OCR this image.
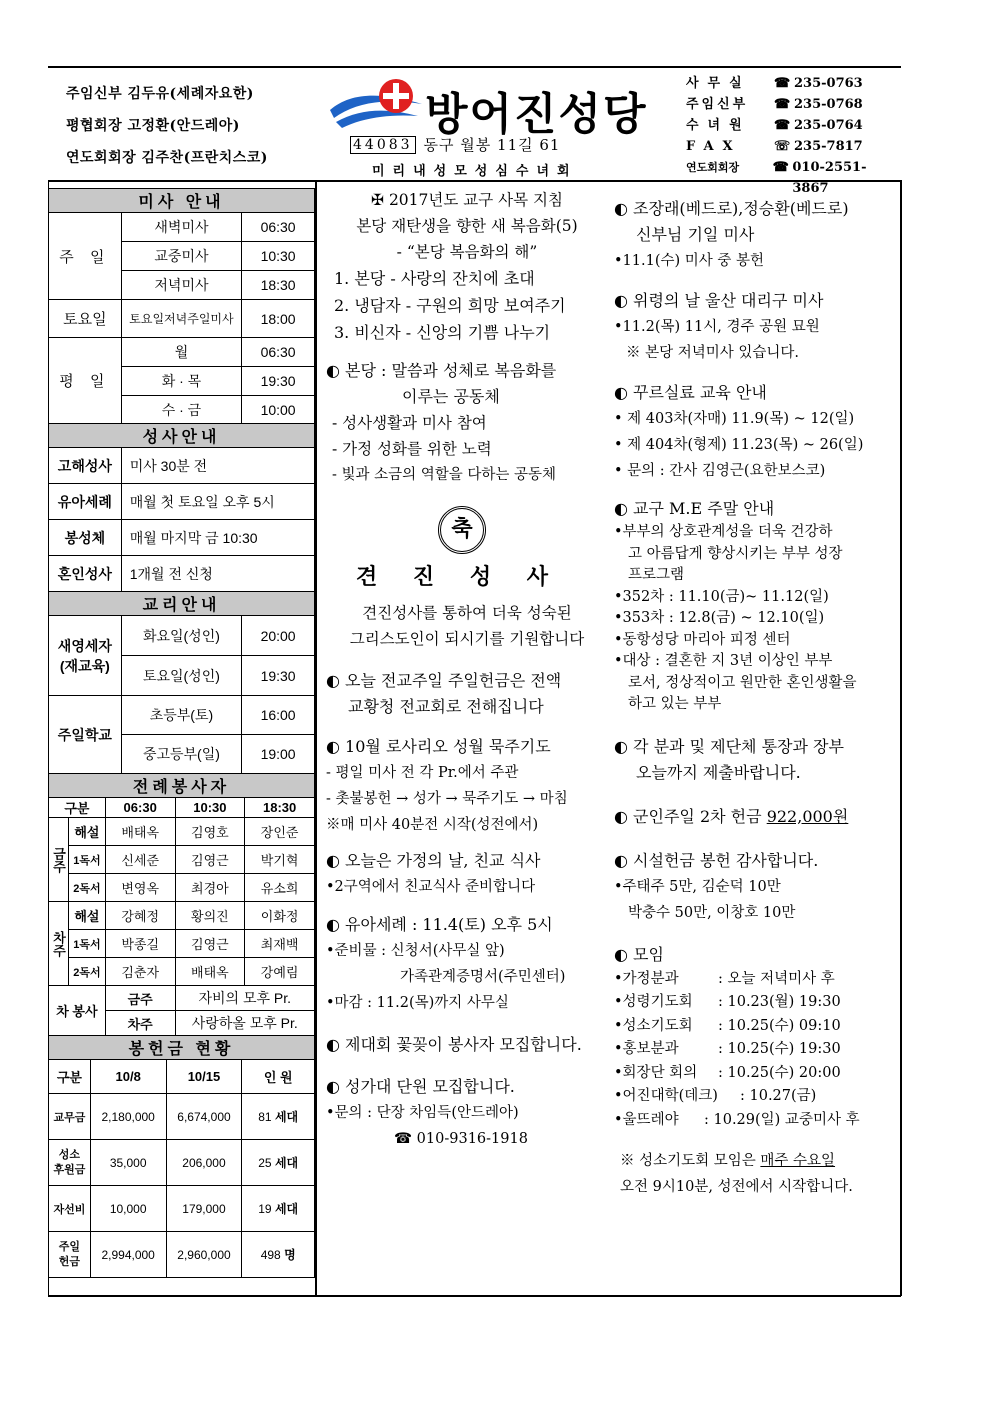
주임신부 김두유(세례자요한)
평협회장 고정환(안드레아)
연도회회장 김주찬(프란치스코)
방어진성당
44083 동구 월봉 11길 61
미리내성모성심수녀회
사무실	☎ 235-0763
주임신부	☎ 235-0768
수녀원	☎ 235-0764
FAX	☏ 235-7817
연도회회장	☎ 010-2551-3867
미사 안내		
주 일	새벽미사	06:30
	교중미사	10:30
	저녁미사	18:30
토요일	토요일저녁주일미사	18:00
평 일	월	06:30
	화 · 목	19:30
	수 · 금	10:00
성사안내	
고해성사	미사 30분 전
유아세례	매월 첫 토요일 오후 5시
봉성체	매월 마지막 금 10:30
혼인성사	1개월 전 신청
교리안내		
새영세자
(재교육)	화요일(성인)	20:00
	토요일(성인)	19:30
주일학교	초등부(토)	16:00
	중고등부(일)	19:00
전례봉사자				
구분		06:30	10:30	18:30
금주	해설	배태옥	김영호	장인준
	1독서	신세준	김영근	박기혁
	2독서	변영옥	최경아	유소희
차주	해설	강혜정	황의진	이화정
	1독서	박종길	김영근	최재백
	2독서	김춘자	배태옥	강예림
차 봉사		금주	자비의 모후 Pr.	
		차주	사랑하올 모후 Pr.	
봉헌금 현황			
구분	10/8	10/15	인 원
교무금	2,180,000	6,674,000	81 세대
성소
후원금	35,000	206,000	25 세대
자선비	10,000	179,000	19 세대
주일
헌금	2,994,000	2,960,000	498 명

✠ 2017년도 교구 사목 지침

본당 재탄생을 향한 새 복음화(5)

- “본당 복음화의 해”

1. 본당 - 사랑의 잔치에 초대

2. 냉담자 - 구원의 희망 보여주기

3. 비신자 - 신앙의 기쁨 나누기

◐ 본당 : 말씀과 성체로 복음화를

이루는 공동체

- 성사생활과 미사 참여

- 가정 성화를 위한 노력

- 빛과 소금의 역할을 다하는 공동체

축

견 진 성 사

견진성사를 통하여 더욱 성숙된

그리스도인이 되시기를 기원합니다

◐ 오늘 전교주일 주일헌금은 전액

교황청 전교회로 전해집니다

◐ 10월 로사리오 성월 묵주기도

- 평일 미사 전 각 Pr.에서 주관

- 촛불봉헌 → 성가 → 묵주기도 → 마침

※매 미사 40분전 시작(성전에서)

◐ 오늘은 가정의 날, 친교 식사

•2구역에서 친교식사 준비합니다

◐ 유아세례 : 11.4(토) 오후 5시

•준비물 : 신청서(사무실 앞)

가족관계증명서(주민센터)

•마감 : 11.2(목)까지 사무실

◐ 제대회 꽃꽂이 봉사자 모집합니다.

◐ 성가대 단원 모집합니다.

•문의 : 단장 차임득(안드레아)

☎ 010-9316-1918

◐ 조장래(베드로),정승환(베드로)

신부님 기일 미사

•11.1(수) 미사 중 봉헌

◐ 위령의 날 울산 대리구 미사

•11.2(목) 11시, 경주 공원 묘원

※ 본당 저녁미사 있습니다.

◐ 꾸르실료 교육 안내

• 제 403차(자매) 11.9(목) ~ 12(일)

• 제 404차(형제) 11.23(목) ~ 26(일)

• 문의 : 간사 김영근(요한보스코)

◐ 교구 M.E 주말 안내

•부부의 상호관계성을 더욱 건강하

고 아름답게 향상시키는 부부 성장

프로그램

•352차 : 11.10(금)~ 11.12(일)

•353차 : 12.8(금) ~ 12.10(일)

•동항성당 마리아 피정 센터

•대상 : 결혼한 지 3년 이상인 부부

로서, 정상적이고 원만한 혼인생활을

하고 있는 부부

◐ 각 분과 및 제단체 통장과 장부

오늘까지 제출바랍니다.

◐ 군인주일 2차 헌금 922,000원

◐ 시설헌금 봉헌 감사합니다.

•주태주 5만, 김순덕 10만

박충수 50만, 이창호 10만

◐ 모임

•가정분과	: 오늘 저녁미사 후

•성령기도회	: 10.23(월) 19:30

•성소기도회	: 10.25(수) 09:10

•홍보분과	: 10.25(수) 19:30

•회장단 회의	: 10.25(수) 20:00

•어진대학(데크)	: 10.27(금)

•울뜨레야	: 10.29(일) 교중미사 후

※ 성소기도회 모임은 매주 수요일

오전 9시10분, 성전에서 시작합니다.
